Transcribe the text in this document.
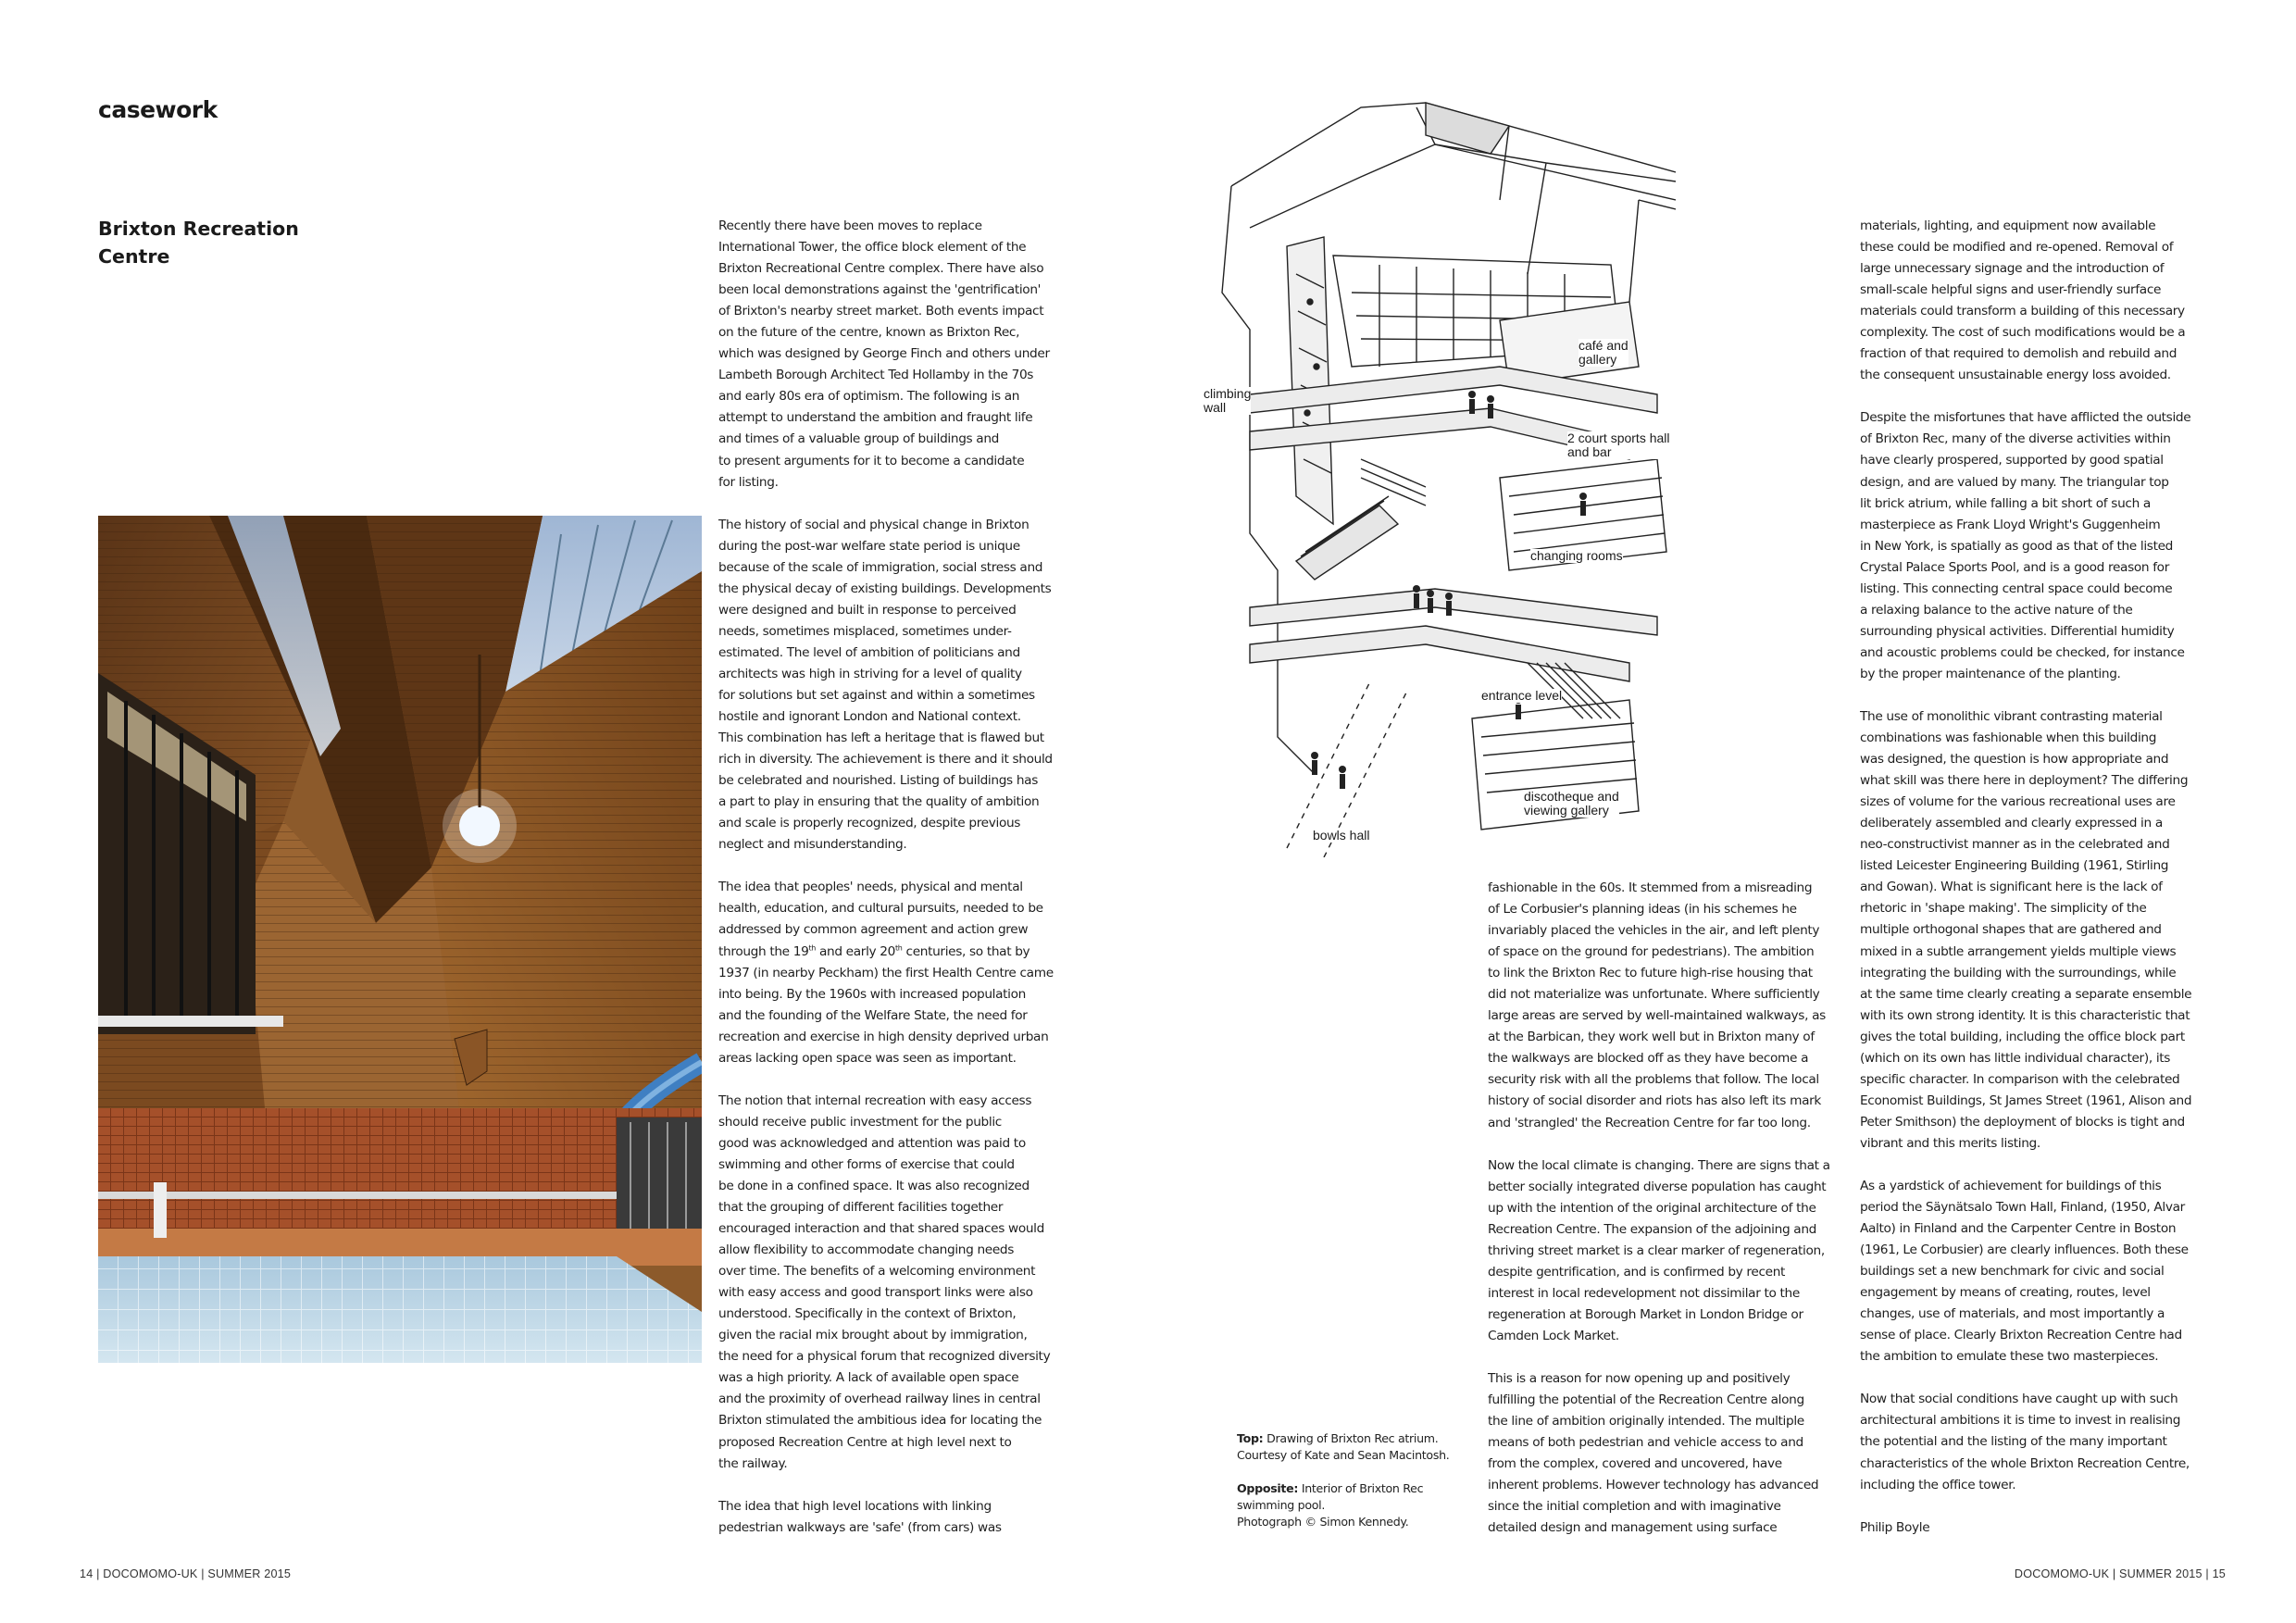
casework
Brixton Recreation
Centre
climbing
wall
café and
gallery
2 court sports hall
and bar
changing rooms
entrance level
discotheque and
viewing gallery
bowls hall

Recently there have been moves to replace
International Tower, the office block element of the
Brixton Recreational Centre complex. There have also
been local demonstrations against the 'gentrification'
of Brixton's nearby street market. Both events impact
on the future of the centre, known as Brixton Rec,
which was designed by George Finch and others under
Lambeth Borough Architect Ted Hollamby in the 70s
and early 80s era of optimism. The following is an
attempt to understand the ambition and fraught life
and times of a valuable group of buildings and
to present arguments for it to become a candidate
for listing.

The history of social and physical change in Brixton
during the post-war welfare state period is unique
because of the scale of immigration, social stress and
the physical decay of existing buildings. Developments
were designed and built in response to perceived
needs, sometimes misplaced, sometimes under-
estimated. The level of ambition of politicians and
architects was high in striving for a level of quality
for solutions but set against and within a sometimes
hostile and ignorant London and National context.
This combination has left a heritage that is flawed but
rich in diversity. The achievement is there and it should
be celebrated and nourished. Listing of buildings has
a part to play in ensuring that the quality of ambition
and scale is properly recognized, despite previous
neglect and misunderstanding.

The idea that peoples' needs, physical and mental
health, education, and cultural pursuits, needed to be
addressed by common agreement and action grew
through the 19th and early 20th centuries, so that by
1937 (in nearby Peckham) the first Health Centre came
into being. By the 1960s with increased population
and the founding of the Welfare State, the need for
recreation and exercise in high density deprived urban
areas lacking open space was seen as important.

The notion that internal recreation with easy access
should receive public investment for the public
good was acknowledged and attention was paid to
swimming and other forms of exercise that could
be done in a confined space. It was also recognized
that the grouping of different facilities together
encouraged interaction and that shared spaces would
allow flexibility to accommodate changing needs
over time. The benefits of a welcoming environment
with easy access and good transport links were also
understood. Specifically in the context of Brixton,
given the racial mix brought about by immigration,
the need for a physical forum that recognized diversity
was a high priority. A lack of available open space
and the proximity of overhead railway lines in central
Brixton stimulated the ambitious idea for locating the
proposed Recreation Centre at high level next to
the railway.

The idea that high level locations with linking
pedestrian walkways are 'safe' (from cars) was

Top: Drawing of Brixton Rec atrium.
Courtesy of Kate and Sean Macintosh.
Opposite: Interior of Brixton Rec
swimming pool.
Photograph © Simon Kennedy.

fashionable in the 60s. It stemmed from a misreading
of Le Corbusier's planning ideas (in his schemes he
invariably placed the vehicles in the air, and left plenty
of space on the ground for pedestrians). The ambition
to link the Brixton Rec to future high-rise housing that
did not materialize was unfortunate. Where sufficiently
large areas are served by well-maintained walkways, as
at the Barbican, they work well but in Brixton many of
the walkways are blocked off as they have become a
security risk with all the problems that follow. The local
history of social disorder and riots has also left its mark
and 'strangled' the Recreation Centre for far too long.

Now the local climate is changing. There are signs that a
better socially integrated diverse population has caught
up with the intention of the original architecture of the
Recreation Centre. The expansion of the adjoining and
thriving street market is a clear marker of regeneration,
despite gentrification, and is confirmed by recent
interest in local redevelopment not dissimilar to the
regeneration at Borough Market in London Bridge or
Camden Lock Market.

This is a reason for now opening up and positively
fulfilling the potential of the Recreation Centre along
the line of ambition originally intended. The multiple
means of both pedestrian and vehicle access to and
from the complex, covered and uncovered, have
inherent problems. However technology has advanced
since the initial completion and with imaginative
detailed design and management using surface

materials, lighting, and equipment now available
these could be modified and re-opened. Removal of
large unnecessary signage and the introduction of
small-scale helpful signs and user-friendly surface
materials could transform a building of this necessary
complexity. The cost of such modifications would be a
fraction of that required to demolish and rebuild and
the consequent unsustainable energy loss avoided.

Despite the misfortunes that have afflicted the outside
of Brixton Rec, many of the diverse activities within
have clearly prospered, supported by good spatial
design, and are valued by many. The triangular top
lit brick atrium, while falling a bit short of such a
masterpiece as Frank Lloyd Wright's Guggenheim
in New York, is spatially as good as that of the listed
Crystal Palace Sports Pool, and is a good reason for
listing. This connecting central space could become
a relaxing balance to the active nature of the
surrounding physical activities. Differential humidity
and acoustic problems could be checked, for instance
by the proper maintenance of the planting.

The use of monolithic vibrant contrasting material
combinations was fashionable when this building
was designed, the question is how appropriate and
what skill was there here in deployment? The differing
sizes of volume for the various recreational uses are
deliberately assembled and clearly expressed in a
neo-constructivist manner as in the celebrated and
listed Leicester Engineering Building (1961, Stirling
and Gowan). What is significant here is the lack of
rhetoric in 'shape making'. The simplicity of the
multiple orthogonal shapes that are gathered and
mixed in a subtle arrangement yields multiple views
integrating the building with the surroundings, while
at the same time clearly creating a separate ensemble
with its own strong identity. It is this characteristic that
gives the total building, including the office block part
(which on its own has little individual character), its
specific character. In comparison with the celebrated
Economist Buildings, St James Street (1961, Alison and
Peter Smithson) the deployment of blocks is tight and
vibrant and this merits listing.

As a yardstick of achievement for buildings of this
period the Säynätsalo Town Hall, Finland, (1950, Alvar
Aalto) in Finland and the Carpenter Centre in Boston
(1961, Le Corbusier) are clearly influences. Both these
buildings set a new benchmark for civic and social
engagement by means of creating, routes, level
changes, use of materials, and most importantly a
sense of place. Clearly Brixton Recreation Centre had
the ambition to emulate these two masterpieces.

Now that social conditions have caught up with such
architectural ambitions it is time to invest in realising
the potential and the listing of the many important
characteristics of the whole Brixton Recreation Centre,
including the office tower.

Philip Boyle

14 | DOCOMOMO-UK | SUMMER 2015	DOCOMOMO-UK | SUMMER 2015 | 15
